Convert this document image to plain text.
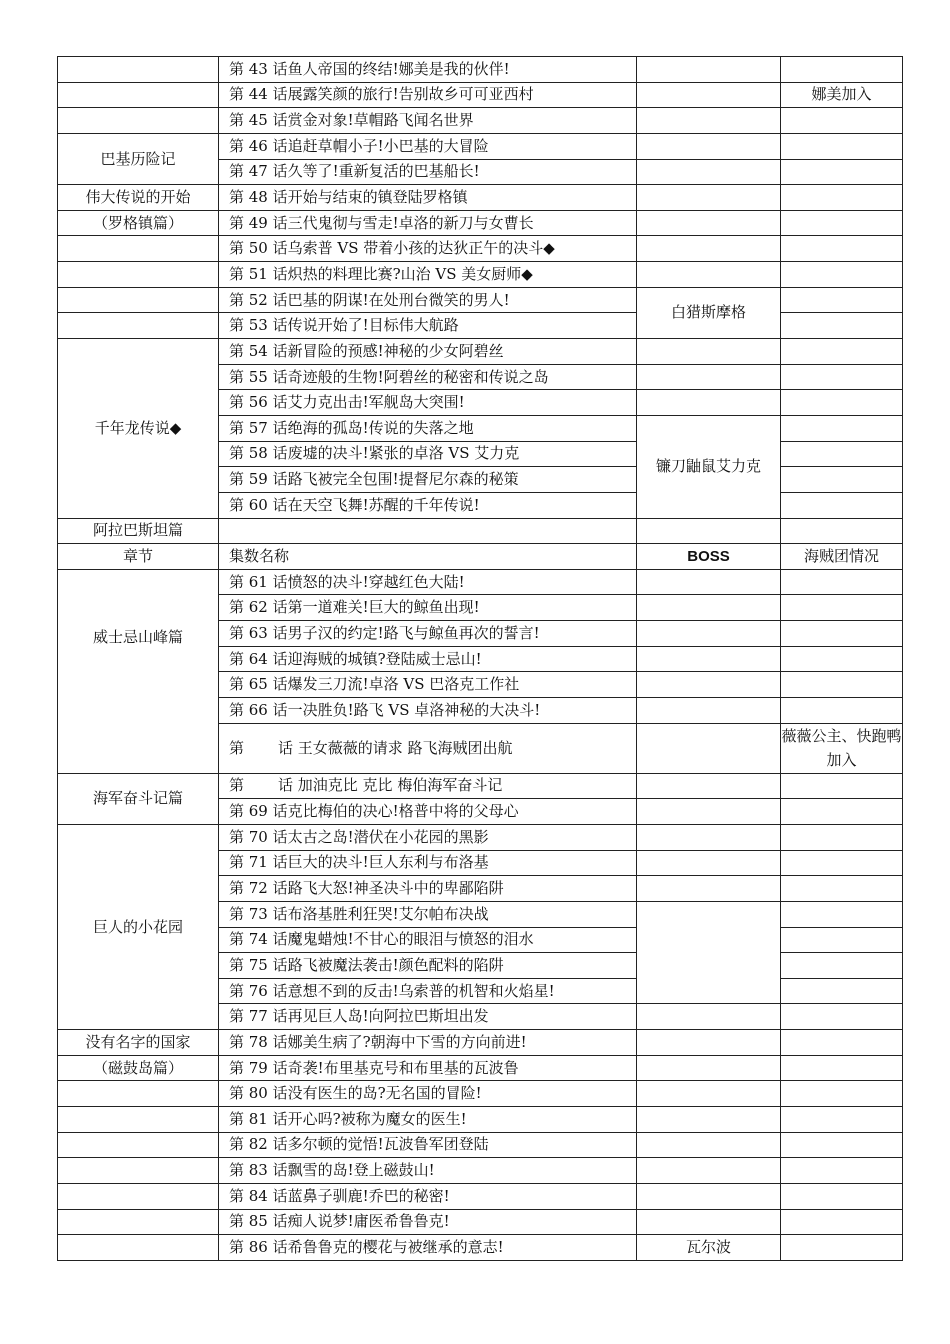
	第 43 话鱼人帝国的终结!娜美是我的伙伴!		
	第 44 话展露笑颜的旅行!告别故乡可可亚西村		娜美加入
	第 45 话赏金对象!草帽路飞闻名世界		
巴基历险记	第 46 话追赶草帽小子!小巴基的大冒险		
	第 47 话久等了!重新复活的巴基船长!		
伟大传说的开始	第 48 话开始与结束的镇登陆罗格镇		
（罗格镇篇）	第 49 话三代鬼彻与雪走!卓洛的新刀与女曹长		
	第 50 话乌索普 VS 带着小孩的达狄正午的决斗◆		
	第 51 话炽热的料理比赛?山治 VS 美女厨师◆		
	第 52 话巴基的阴谋!在处刑台微笑的男人!	白猎斯摩格	
	第 53 话传说开始了!目标伟大航路		
千年龙传说◆	第 54 话新冒险的预感!神秘的少女阿碧丝		
	第 55 话奇迹般的生物!阿碧丝的秘密和传说之岛		
	第 56 话艾力克出击!军舰岛大突围!		
	第 57 话绝海的孤岛!传说的失落之地	镰刀鼬鼠艾力克	
	第 58 话废墟的决斗!紧张的卓洛 VS 艾力克		
	第 59 话路飞被完全包围!提督尼尔森的秘策		
	第 60 话在天空飞舞!苏醒的千年传说!		
阿拉巴斯坦篇			
章节	集数名称	BOSS	海贼团情况
威士忌山峰篇	第 61 话愤怒的决斗!穿越红色大陆!		
	第 62 话第一道难关!巨大的鲸鱼出现!		
	第 63 话男子汉的约定!路飞与鲸鱼再次的誓言!		
	第 64 话迎海贼的城镇?登陆威士忌山!		
	第 65 话爆发三刀流!卓洛 VS 巴洛克工作社		
	第 66 话一决胜负!路飞 VS 卓洛神秘的大决斗!		
	第 话 王女薇薇的请求 路飞海贼团出航		薇薇公主、快跑鸭加入
海军奋斗记篇	第 话 加油克比 克比 梅伯海军奋斗记		
	第 69 话克比梅伯的决心!格普中将的父母心		
巨人的小花园	第 70 话太古之岛!潜伏在小花园的黑影		
	第 71 话巨大的决斗!巨人东利与布洛基		
	第 72 话路飞大怒!神圣决斗中的卑鄙陷阱		
	第 73 话布洛基胜利狂哭!艾尔帕布决战		
	第 74 话魔鬼蜡烛!不甘心的眼泪与愤怒的泪水		
	第 75 话路飞被魔法袭击!颜色配料的陷阱		
	第 76 话意想不到的反击!乌索普的机智和火焰星!		
	第 77 话再见巨人岛!向阿拉巴斯坦出发		
没有名字的国家	第 78 话娜美生病了?朝海中下雪的方向前进!		
（磁鼓岛篇）	第 79 话奇袭!布里基克号和布里基的瓦波鲁		
	第 80 话没有医生的岛?无名国的冒险!		
	第 81 话开心吗?被称为魔女的医生!		
	第 82 话多尔顿的觉悟!瓦波鲁军团登陆		
	第 83 话飘雪的岛!登上磁鼓山!		
	第 84 话蓝鼻子驯鹿!乔巴的秘密!		
	第 85 话痴人说梦!庸医希鲁鲁克!		
	第 86 话希鲁鲁克的樱花与被继承的意志!	瓦尔波	
